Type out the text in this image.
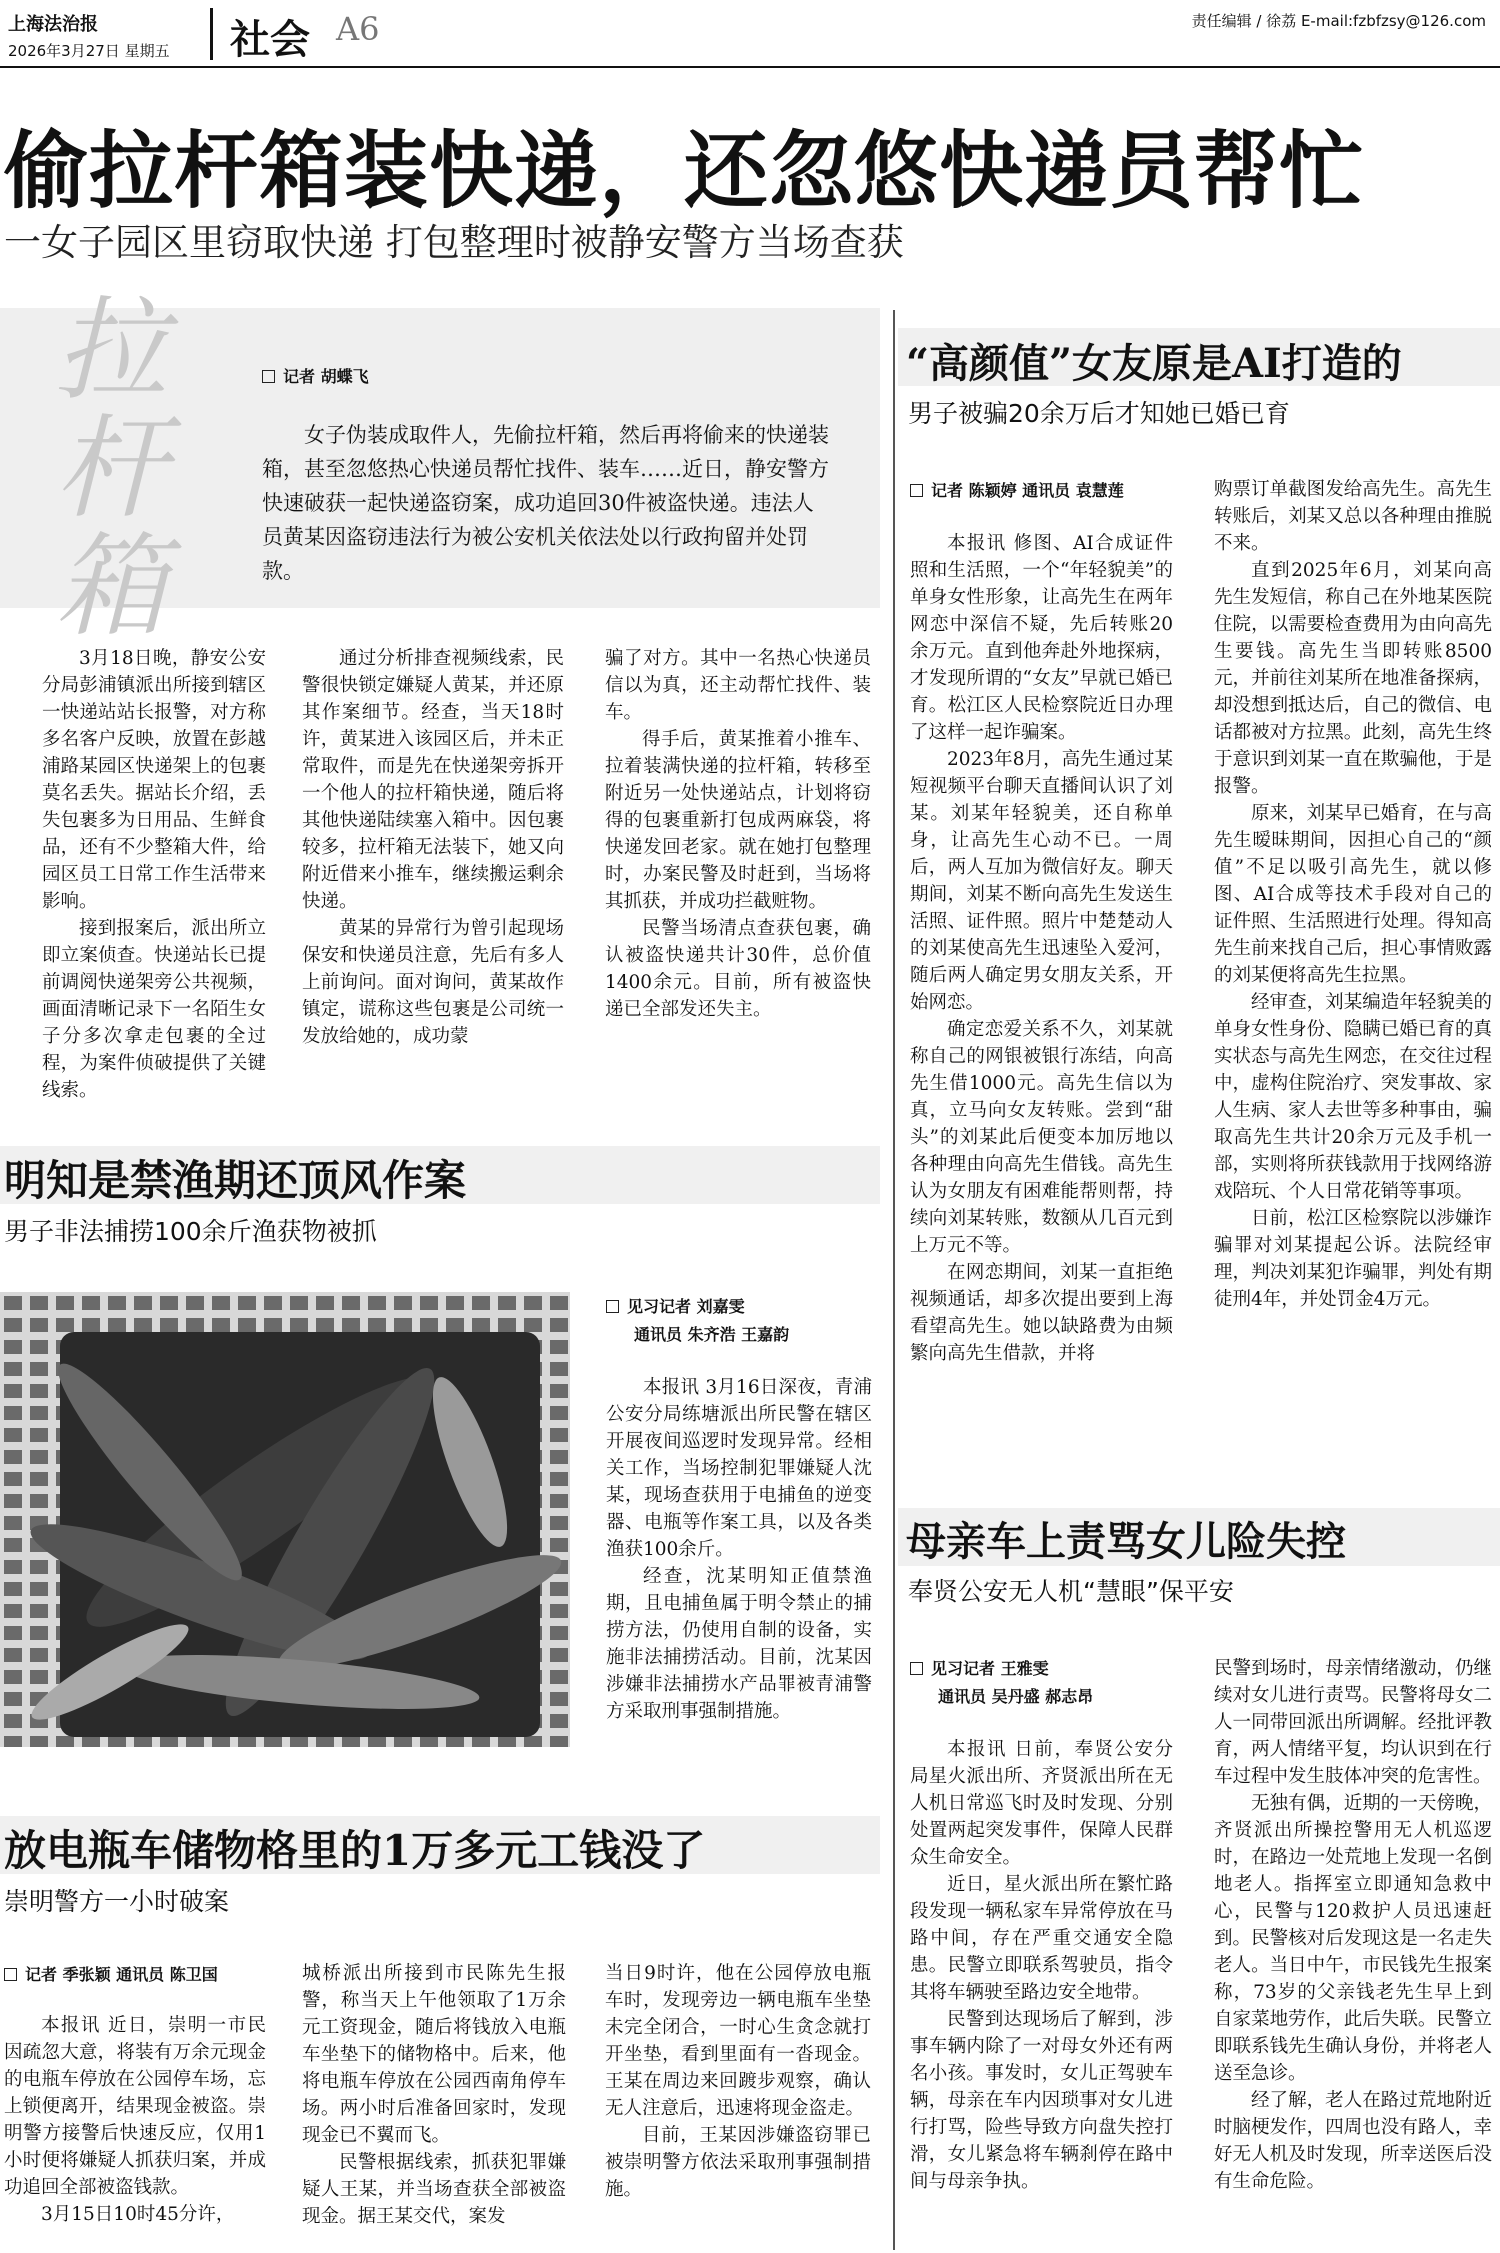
上海法治报
2026年3月27日 星期五 社会 A6	责任编辑 / 徐荔 E-mail:fzbfzsy@126.com
偷拉杆箱装快递，还忽悠快递员帮忙
一女子园区里窃取快递 打包整理时被静安警方当场查获
拉
杆
箱
记者 胡蝶飞

女子伪装成取件人，先偷拉杆箱，然后再将偷来的快递装箱，甚至忽悠热心快递员帮忙找件、装车……近日，静安警方快速破获一起快递盗窃案，成功追回30件被盗快递。违法人员黄某因盗窃违法行为被公安机关依法处以行政拘留并处罚款。

3月18日晚，静安公安分局彭浦镇派出所接到辖区一快递站站长报警，对方称多名客户反映，放置在彭越浦路某园区快递架上的包裹莫名丢失。据站长介绍，丢失包裹多为日用品、生鲜食品，还有不少整箱大件，给园区员工日常工作生活带来影响。

接到报案后，派出所立即立案侦查。快递站长已提前调阅快递架旁公共视频，画面清晰记录下一名陌生女子分多次拿走包裹的全过程，为案件侦破提供了关键线索。

通过分析排查视频线索，民警很快锁定嫌疑人黄某，并还原其作案细节。经查，当天18时许，黄某进入该园区后，并未正常取件，而是先在快递架旁拆开一个他人的拉杆箱快递，随后将其他快递陆续塞入箱中。因包裹较多，拉杆箱无法装下，她又向附近借来小推车，继续搬运剩余快递。

黄某的异常行为曾引起现场保安和快递员注意，先后有多人上前询问。面对询问，黄某故作镇定，谎称这些包裹是公司统一发放给她的，成功蒙

骗了对方。其中一名热心快递员信以为真，还主动帮忙找件、装车。

得手后，黄某推着小推车、拉着装满快递的拉杆箱，转移至附近另一处快递站点，计划将窃得的包裹重新打包成两麻袋，将快递发回老家。就在她打包整理时，办案民警及时赶到，当场将其抓获，并成功拦截赃物。

民警当场清点查获包裹，确认被盗快递共计30件，总价值1400余元。目前，所有被盗快递已全部发还失主。

“高颜值”女友原是AI打造的
男子被骗20余万后才知她已婚已育
记者 陈颖婷 通讯员 袁慧莲

本报讯 修图、AI合成证件照和生活照，一个“年轻貌美”的单身女性形象，让高先生在两年网恋中深信不疑，先后转账20余万元。直到他奔赴外地探病，才发现所谓的“女友”早就已婚已育。松江区人民检察院近日办理了这样一起诈骗案。

2023年8月，高先生通过某短视频平台聊天直播间认识了刘某。刘某年轻貌美，还自称单身，让高先生心动不已。一周后，两人互加为微信好友。聊天期间，刘某不断向高先生发送生活照、证件照。照片中楚楚动人的刘某使高先生迅速坠入爱河，随后两人确定男女朋友关系，开始网恋。

确定恋爱关系不久，刘某就称自己的网银被银行冻结，向高先生借1000元。高先生信以为真，立马向女友转账。尝到“甜头”的刘某此后便变本加厉地以各种理由向高先生借钱。高先生认为女朋友有困难能帮则帮，持续向刘某转账，数额从几百元到上万元不等。

在网恋期间，刘某一直拒绝视频通话，却多次提出要到上海看望高先生。她以缺路费为由频繁向高先生借款，并将

购票订单截图发给高先生。高先生转账后，刘某又总以各种理由推脱不来。

直到2025年6月，刘某向高先生发短信，称自己在外地某医院住院，以需要检查费用为由向高先生要钱。高先生当即转账8500元，并前往刘某所在地准备探病，却没想到抵达后，自己的微信、电话都被对方拉黑。此刻，高先生终于意识到刘某一直在欺骗他，于是报警。

原来，刘某早已婚育，在与高先生暧昧期间，因担心自己的“颜值”不足以吸引高先生，就以修图、AI合成等技术手段对自己的证件照、生活照进行处理。得知高先生前来找自己后，担心事情败露的刘某便将高先生拉黑。

经审查，刘某编造年轻貌美的单身女性身份、隐瞒已婚已育的真实状态与高先生网恋，在交往过程中，虚构住院治疗、突发事故、家人生病、家人去世等多种事由，骗取高先生共计20余万元及手机一部，实则将所获钱款用于找网络游戏陪玩、个人日常花销等事项。

日前，松江区检察院以涉嫌诈骗罪对刘某提起公诉。法院经审理，判决刘某犯诈骗罪，判处有期徒刑4年，并处罚金4万元。

明知是禁渔期还顶风作案
男子非法捕捞100余斤渔获物被抓
见习记者 刘嘉雯
通讯员 朱齐浩 王嘉韵

本报讯 3月16日深夜，青浦公安分局练塘派出所民警在辖区开展夜间巡逻时发现异常。经相关工作，当场控制犯罪嫌疑人沈某，现场查获用于电捕鱼的逆变器、电瓶等作案工具，以及各类渔获100余斤。

经查，沈某明知正值禁渔期，且电捕鱼属于明令禁止的捕捞方法，仍使用自制的设备，实施非法捕捞活动。目前，沈某因涉嫌非法捕捞水产品罪被青浦警方采取刑事强制措施。

放电瓶车储物格里的1万多元工钱没了
崇明警方一小时破案
记者 季张颖 通讯员 陈卫国

本报讯 近日，崇明一市民因疏忽大意，将装有万余元现金的电瓶车停放在公园停车场，忘上锁便离开，结果现金被盗。崇明警方接警后快速反应，仅用1小时便将嫌疑人抓获归案，并成功追回全部被盗钱款。

3月15日10时45分许，

城桥派出所接到市民陈先生报警，称当天上午他领取了1万余元工资现金，随后将钱放入电瓶车坐垫下的储物格中。后来，他将电瓶车停放在公园西南角停车场。两小时后准备回家时，发现现金已不翼而飞。

民警根据线索，抓获犯罪嫌疑人王某，并当场查获全部被盗现金。据王某交代，案发

当日9时许，他在公园停放电瓶车时，发现旁边一辆电瓶车坐垫未完全闭合，一时心生贪念就打开坐垫，看到里面有一沓现金。王某在周边来回踱步观察，确认无人注意后，迅速将现金盗走。

目前，王某因涉嫌盗窃罪已被崇明警方依法采取刑事强制措施。

母亲车上责骂女儿险失控
奉贤公安无人机“慧眼”保平安
见习记者 王雅雯
通讯员 吴丹盛 郝志昂

本报讯 日前，奉贤公安分局星火派出所、齐贤派出所在无人机日常巡飞时及时发现、分别处置两起突发事件，保障人民群众生命安全。

近日，星火派出所在繁忙路段发现一辆私家车异常停放在马路中间，存在严重交通安全隐患。民警立即联系驾驶员，指令其将车辆驶至路边安全地带。

民警到达现场后了解到，涉事车辆内除了一对母女外还有两名小孩。事发时，女儿正驾驶车辆，母亲在车内因琐事对女儿进行打骂，险些导致方向盘失控打滑，女儿紧急将车辆刹停在路中间与母亲争执。

民警到场时，母亲情绪激动，仍继续对女儿进行责骂。民警将母女二人一同带回派出所调解。经批评教育，两人情绪平复，均认识到在行车过程中发生肢体冲突的危害性。

无独有偶，近期的一天傍晚，齐贤派出所操控警用无人机巡逻时，在路边一处荒地上发现一名倒地老人。指挥室立即通知急救中心，民警与120救护人员迅速赶到。民警核对后发现这是一名走失老人。当日中午，市民钱先生报案称，73岁的父亲钱老先生早上到自家菜地劳作，此后失联。民警立即联系钱先生确认身份，并将老人送至急诊。

经了解，老人在路过荒地附近时脑梗发作，四周也没有路人，幸好无人机及时发现，所幸送医后没有生命危险。
